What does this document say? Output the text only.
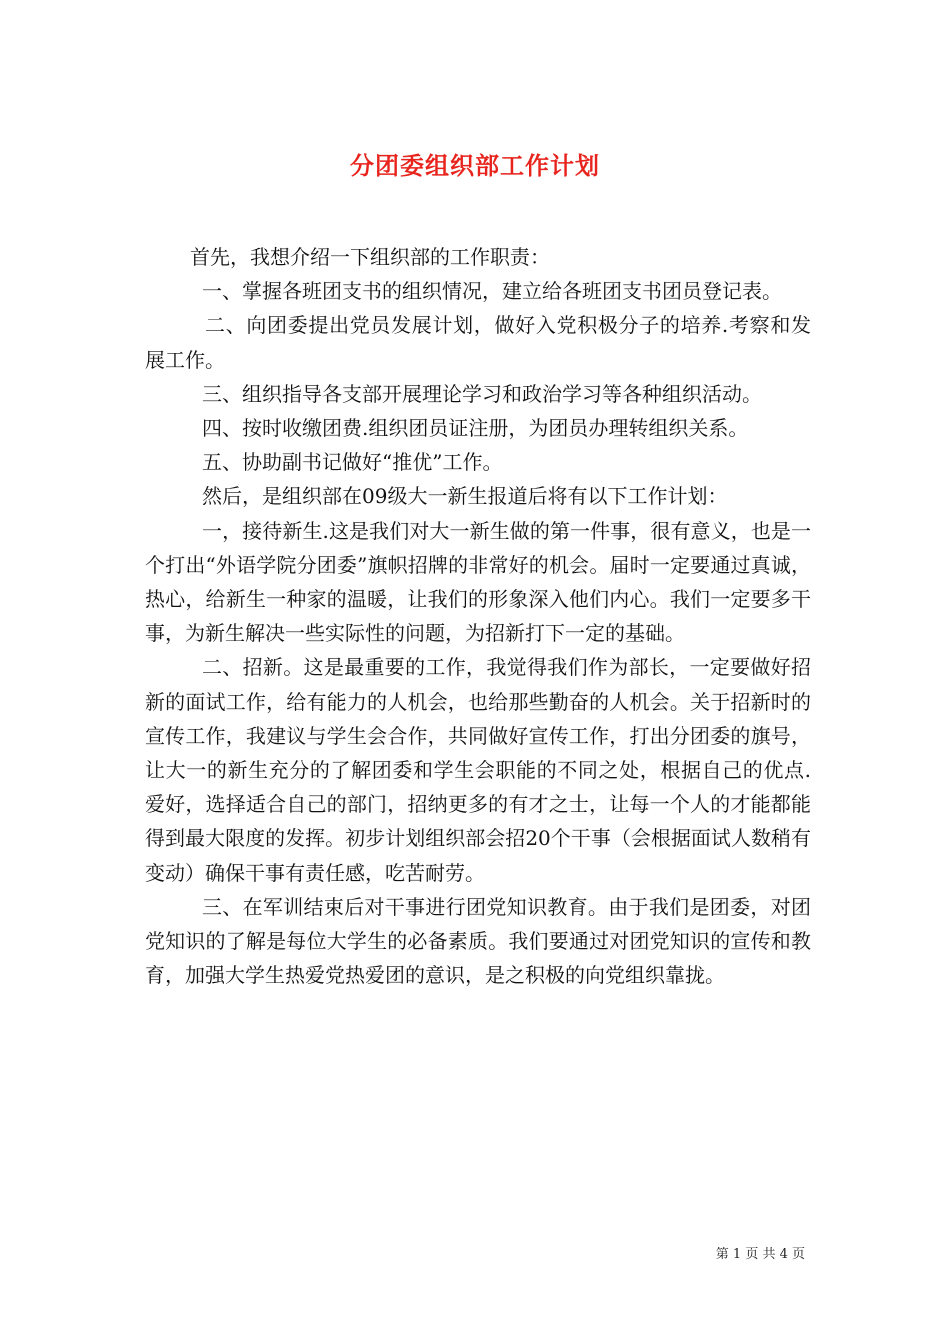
分团委组织部工作计划

首先，我想介绍一下组织部的工作职责：

一、掌握各班团支书的组织情况，建立给各班团支书团员登记表。

二、向团委提出党员发展计划，做好入党积极分子的培养.考察和发展工作。

三、组织指导各支部开展理论学习和政治学习等各种组织活动。

四、按时收缴团费.组织团员证注册，为团员办理转组织关系。

五、协助副书记做好“推优”工作。

然后，是组织部在09级大一新生报道后将有以下工作计划：

一，接待新生.这是我们对大一新生做的第一件事，很有意义，也是一个打出“外语学院分团委”旗帜招牌的非常好的机会。届时一定要通过真诚，热心，给新生一种家的温暖，让我们的形象深入他们内心。我们一定要多干事，为新生解决一些实际性的问题，为招新打下一定的基础。

二、招新。这是最重要的工作，我觉得我们作为部长，一定要做好招新的面试工作，给有能力的人机会，也给那些勤奋的人机会。关于招新时的宣传工作，我建议与学生会合作，共同做好宣传工作，打出分团委的旗号，让大一的新生充分的了解团委和学生会职能的不同之处，根据自己的优点.爱好，选择适合自己的部门，招纳更多的有才之士，让每一个人的才能都能得到最大限度的发挥。初步计划组织部会招20个干事（会根据面试人数稍有变动）确保干事有责任感，吃苦耐劳。

三、在军训结束后对干事进行团党知识教育。由于我们是团委，对团党知识的了解是每位大学生的必备素质。我们要通过对团党知识的宣传和教育，加强大学生热爱党热爱团的意识，是之积极的向党组织靠拢。

第 1 页 共 4 页
